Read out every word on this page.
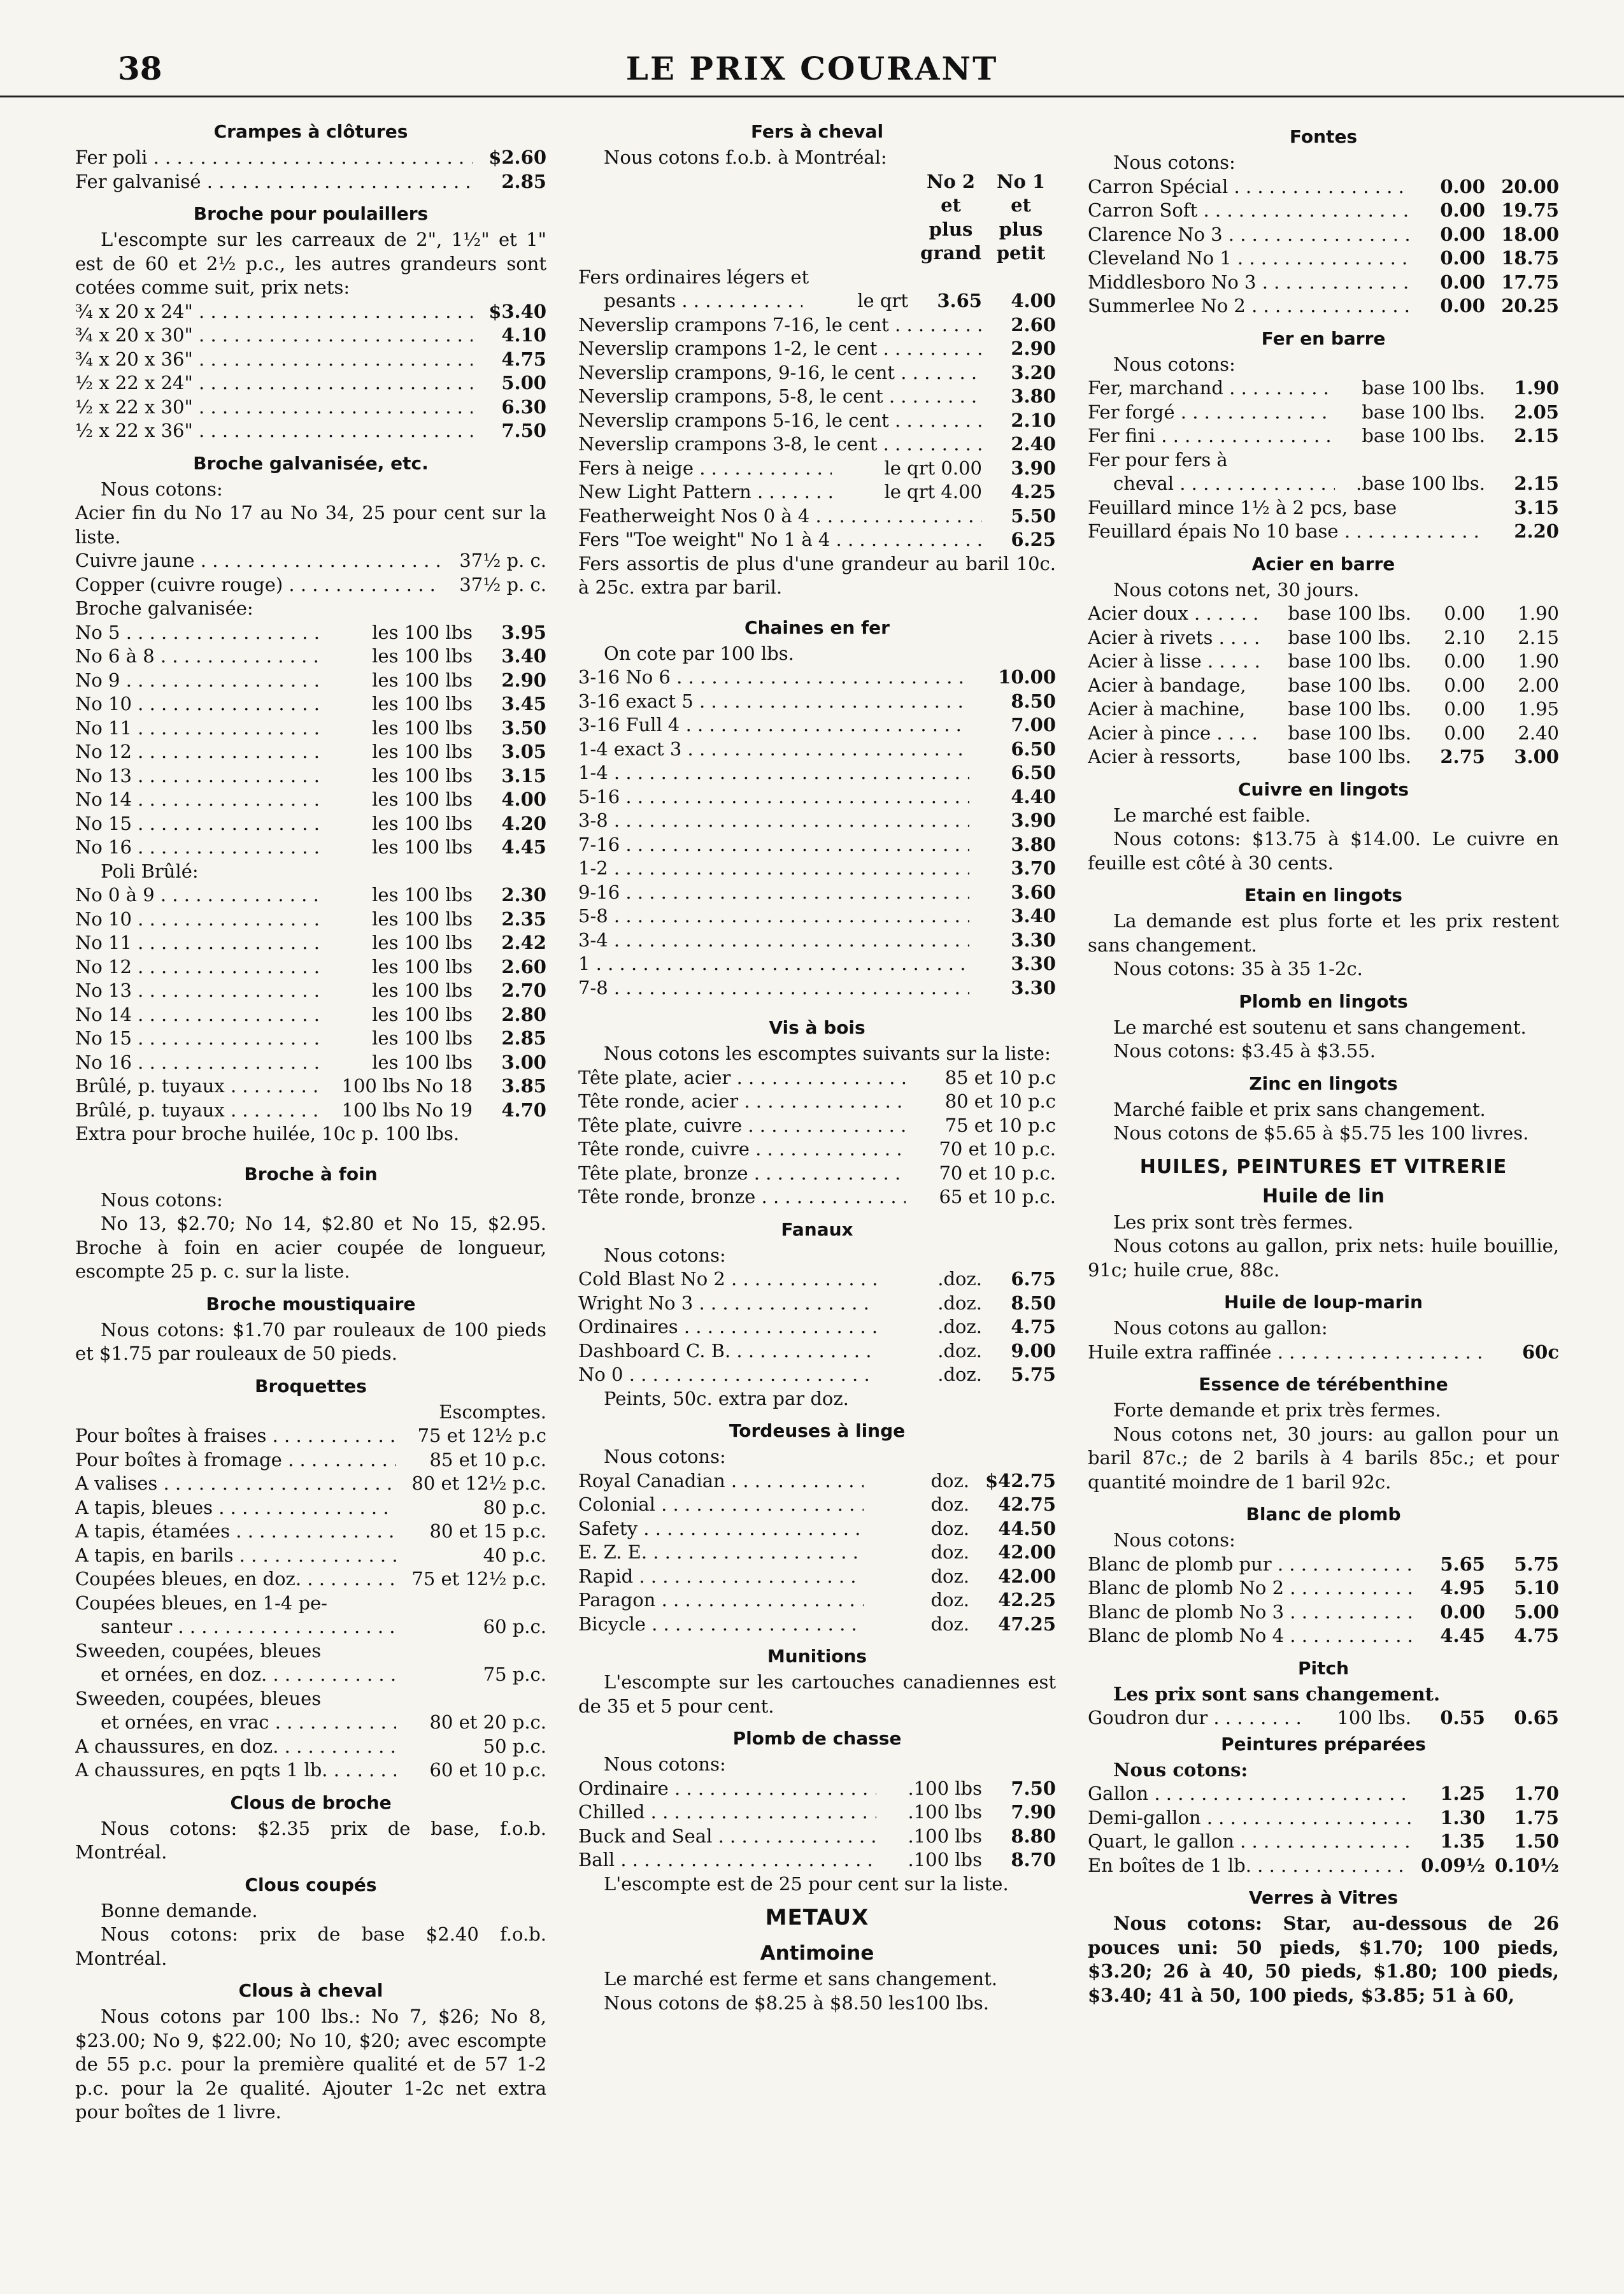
38	LE PRIX COURANT
Crampes à clôtures
Fer poli . . .	$2.60
Fer galvanisé . . .	2.85
Broche pour poulaillers
L'escompte sur les carreaux de 2", 1½" et 1" est de 60 et 2½ p.c., les autres grandeurs sont cotées comme suit, prix nets:
¾ x 20 x 24" . . .	$3.40
¾ x 20 x 30" . . .	4.10
¾ x 20 x 36" . . .	4.75
½ x 22 x 24" . . .	5.00
½ x 22 x 30" . . .	6.30
½ x 22 x 36" . . .	7.50
Broche galvanisée, etc.
Nous cotons:
Acier fin du No 17 au No 34, 25 pour cent sur la liste.
Cuivre jaune . . .	37½ p. c.
Copper (cuivre rouge) . . .	37½ p. c.
Broche galvanisée:
No 5 . . .	les 100 lbs	3.95
No 6 à 8 . . .	les 100 lbs	3.40
No 9 . . .	les 100 lbs	2.90
No 10 . . .	les 100 lbs	3.45
No 11 . . .	les 100 lbs	3.50
No 12 . . .	les 100 lbs	3.05
No 13 . . .	les 100 lbs	3.15
No 14 . . .	les 100 lbs	4.00
No 15 . . .	les 100 lbs	4.20
No 16 . . .	les 100 lbs	4.45
Poli Brûlé:
No 0 à 9 . . .	les 100 lbs	2.30
No 10 . . .	les 100 lbs	2.35
No 11 . . .	les 100 lbs	2.42
No 12 . . .	les 100 lbs	2.60
No 13 . . .	les 100 lbs	2.70
No 14 . . .	les 100 lbs	2.80
No 15 . . .	les 100 lbs	2.85
No 16 . . .	les 100 lbs	3.00
Brûlé, p. tuyaux . . .	100 lbs No 18	3.85
Brûlé, p. tuyaux . . .	100 lbs No 19	4.70
Extra pour broche huilée, 10c p. 100 lbs.
Broche à foin
Nous cotons:
No 13, $2.70; No 14, $2.80 et No 15, $2.95. Broche à foin en acier coupée de longueur, escompte 25 p. c. sur la liste.
Broche moustiquaire
Nous cotons: $1.70 par rouleaux de 100 pieds et $1.75 par rouleaux de 50 pieds.
Broquettes
Escomptes.
Pour boîtes à fraises . . .	75 et 12½ p.c
Pour boîtes à fromage . . .	85 et 10 p.c.
A valises . . .	80 et 12½ p.c.
A tapis, bleues . . .	80 p.c.
A tapis, étamées . . .	80 et 15 p.c.
A tapis, en barils . . .	40 p.c.
Coupées bleues, en doz. . . .	75 et 12½ p.c.
Coupées bleues, en 1-4 pe-
santeur . . .	60 p.c.
Sweeden, coupées, bleues
et ornées, en doz. . . .	75 p.c.
Sweeden, coupées, bleues
et ornées, en vrac . . .	80 et 20 p.c.
A chaussures, en doz. . . .	50 p.c.
A chaussures, en pqts 1 lb. . . .	60 et 10 p.c.
Clous de broche
Nous cotons: $2.35 prix de base, f.o.b. Montréal.
Clous coupés
Bonne demande.
Nous cotons: prix de base $2.40 f.o.b. Montréal.
Clous à cheval
Nous cotons par 100 lbs.: No 7, $26; No 8, $23.00; No 9, $22.00; No 10, $20; avec escompte de 55 p.c. pour la première qualité et de 57 1-2 p.c. pour la 2e qualité. Ajouter 1-2c net extra pour boîtes de 1 livre.
Fers à cheval
Nous cotons f.o.b. à Montréal:
No 2	No 1
et plus
et plus
grand petit
Fers ordinaires légers et
pesants . . .	le qrt	3.65	4.00
Neverslip crampons 7-16, le cent . . .	2.60
Neverslip crampons 1-2, le cent . . .	2.90
Neverslip crampons, 9-16, le cent . . .	3.20
Neverslip crampons, 5-8, le cent . . .	3.80
Neverslip crampons 5-16, le cent . . .	2.10
Neverslip crampons 3-8, le cent . . .	2.40
Fers à neige . . .	le qrt 0.00	3.90
New Light Pattern . . .	le qrt 4.00	4.25
Featherweight Nos 0 à 4 . . .	5.50
Fers "Toe weight" No 1 à 4 . . .	6.25
Fers assortis de plus d'une grandeur au baril 10c. à 25c. extra par baril.
Chaines en fer
On cote par 100 lbs.
3-16 No 6 . . .	10.00
3-16 exact 5 . . .	8.50
3-16 Full 4 . . .	7.00
1-4 exact 3 . . .	6.50
1-4 . . .	6.50
5-16 . . .	4.40
3-8 . . .	3.90
7-16 . . .	3.80
1-2 . . .	3.70
9-16 . . .	3.60
5-8 . . .	3.40
3-4 . . .	3.30
1 . . .	3.30
7-8 . . .	3.30
Vis à bois
Nous cotons les escomptes suivants sur la liste:
Tête plate, acier . . .	85 et 10 p.c
Tête ronde, acier . . .	80 et 10 p.c
Tête plate, cuivre . . .	75 et 10 p.c
Tête ronde, cuivre . . .	70 et 10 p.c.
Tête plate, bronze . . .	70 et 10 p.c.
Tête ronde, bronze . . .	65 et 10 p.c.
Fanaux
Nous cotons:
Cold Blast No 2 . . .	.doz.	6.75
Wright No 3 . . .	.doz.	8.50
Ordinaires . . .	.doz.	4.75
Dashboard C. B. . . .	.doz.	9.00
No 0 . . .	.doz.	5.75
Peints, 50c. extra par doz.
Tordeuses à linge
Nous cotons:
Royal Canadian . . .	doz. $42.75
Colonial . . .	doz.	42.75
Safety . . .	doz.	44.50
E. Z. E. . . .	doz.	42.00
Rapid . . .	doz.	42.00
Paragon . . .	doz.	42.25
Bicycle . . .	doz.	47.25
Munitions
L'escompte sur les cartouches canadiennes est de 35 et 5 pour cent.
Plomb de chasse
Nous cotons:
Ordinaire . . .	.100 lbs	7.50
Chilled . . .	.100 lbs	7.90
Buck and Seal . . .	.100 lbs	8.80
Ball . . .	.100 lbs	8.70
L'escompte est de 25 pour cent sur la liste.
METAUX
Antimoine
Le marché est ferme et sans changement.
Nous cotons de $8.25 à $8.50 les100 lbs.
Fontes
Nous cotons:
Carron Spécial . . .	0.00 20.00
Carron Soft . . .	0.00 19.75
Clarence No 3 . . .	0.00 18.00
Cleveland No 1 . . .	0.00 18.75
Middlesboro No 3 . . .	0.00 17.75
Summerlee No 2 . . .	0.00 20.25
Fer en barre
Nous cotons:
Fer, marchand . . .	base 100 lbs.	1.90
Fer forgé . . .	base 100 lbs.	2.05
Fer fini . . .	base 100 lbs.	2.15
Fer pour fers à
cheval . . .	.base 100 lbs.	2.15
Feuillard mince 1½ à 2 pcs, base	3.15
Feuillard épais No 10 base . . .	2.20
Acier en barre
Nous cotons net, 30 jours.
Acier doux . . .	base 100 lbs.	0.00	1.90
Acier à rivets . . .	base 100 lbs.	2.10	2.15
Acier à lisse . . .	base 100 lbs.	0.00	1.90
Acier à bandage,	base 100 lbs.	0.00	2.00
Acier à machine,	base 100 lbs.	0.00	1.95
Acier à pince . . .	base 100 lbs.	0.00	2.40
Acier à ressorts,	base 100 lbs.	2.75	3.00
Cuivre en lingots
Le marché est faible.
Nous cotons: $13.75 à $14.00. Le cuivre en feuille est côté à 30 cents.
Etain en lingots
La demande est plus forte et les prix restent sans changement.
Nous cotons: 35 à 35 1-2c.
Plomb en lingots
Le marché est soutenu et sans changement.
Nous cotons: $3.45 à $3.55.
Zinc en lingots
Marché faible et prix sans changement.
Nous cotons de $5.65 à $5.75 les 100 livres.
HUILES, PEINTURES ET VITRERIE
Huile de lin
Les prix sont très fermes.
Nous cotons au gallon, prix nets: huile bouillie, 91c; huile crue, 88c.
Huile de loup-marin
Nous cotons au gallon:
Huile extra raffinée . . .	60c
Essence de térébenthine
Forte demande et prix très fermes.
Nous cotons net, 30 jours: au gallon pour un baril 87c.; de 2 barils à 4 barils 85c.; et pour quantité moindre de 1 baril 92c.
Blanc de plomb
Nous cotons:
Blanc de plomb pur . . .	5.65	5.75
Blanc de plomb No 2 . . .	4.95	5.10
Blanc de plomb No 3 . . .	0.00	5.00
Blanc de plomb No 4 . . .	4.45	4.75
Pitch
Les prix sont sans changement.
Goudron dur . . .	100 lbs.	0.55	0.65
Peintures préparées
Nous cotons:
Gallon . . .	1.25	1.70
Demi-gallon . . .	1.30	1.75
Quart, le gallon . . .	1.35	1.50
En boîtes de 1 lb. . . .	0.09½ 0.10½
Verres à Vitres
Nous cotons: Star, au-dessous de 26 pouces uni: 50 pieds, $1.70; 100 pieds, $3.20; 26 à 40, 50 pieds, $1.80; 100 pieds, $3.40; 41 à 50, 100 pieds, $3.85; 51 à 60,
